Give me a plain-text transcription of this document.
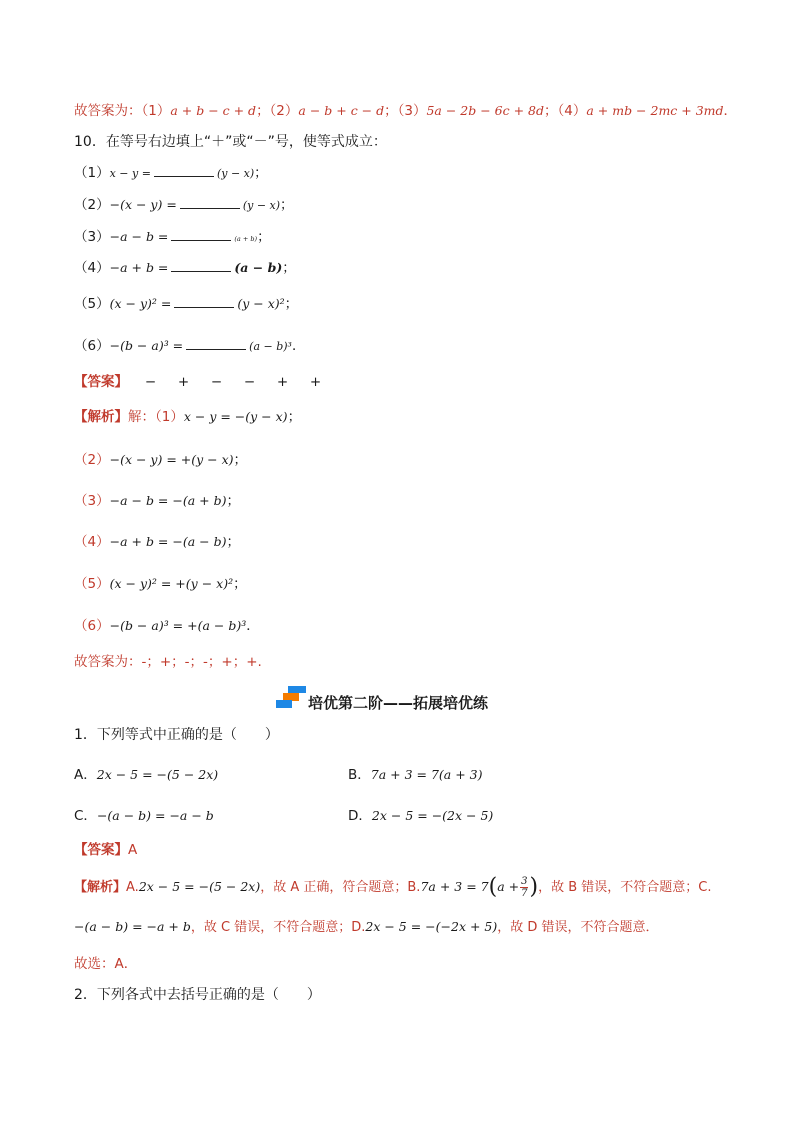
故答案为：（1）a + b − c + d；（2）a − b + c − d；（3）5a − 2b − 6c + 8d；（4）a + mb − 2mc + 3md．
10．在等号右边填上“＋”或“－”号，使等式成立：
（1）x − y =	(y − x)；
（2）−(x − y) =	(y − x)；
（3）−a − b =	(a + b)；
（4）−a + b =	(a − b)；
（5）(x − y)² =	(y − x)²；
（6）−(b − a)³ =	(a − b)³．
【答案】 − + − − + +
【解析】解：（1）x − y = −(y − x)；
（2）−(x − y) = +(y − x)；
（3）−a − b = −(a + b)；
（4）−a + b = −(a − b)；
（5）(x − y)² = +(y − x)²；
（6）−(b − a)³ = +(a − b)³．
故答案为：-；+；-；-；+；+.
培优第二阶——拓展培优练
1．下列等式中正确的是（　　）
A．2x − 5 = −(5 − 2x)	B．7a + 3 = 7(a + 3)
C．−(a − b) = −a − b	D．2x − 5 = −(2x − 5)
【答案】A
【解析】A.2x − 5 = −(5 − 2x)，故 A 正确，符合题意；$B.7a + 3 = 7(a + \frac{3}{7}$ )，故 B 错误，不符合题意；C.
−(a − b) = −a + b，故 C 错误，不符合题意；D.2x − 5 = −(−2x + 5)，故 D 错误，不符合题意．
故选：A．
2．下列各式中去括号正确的是（　　）
